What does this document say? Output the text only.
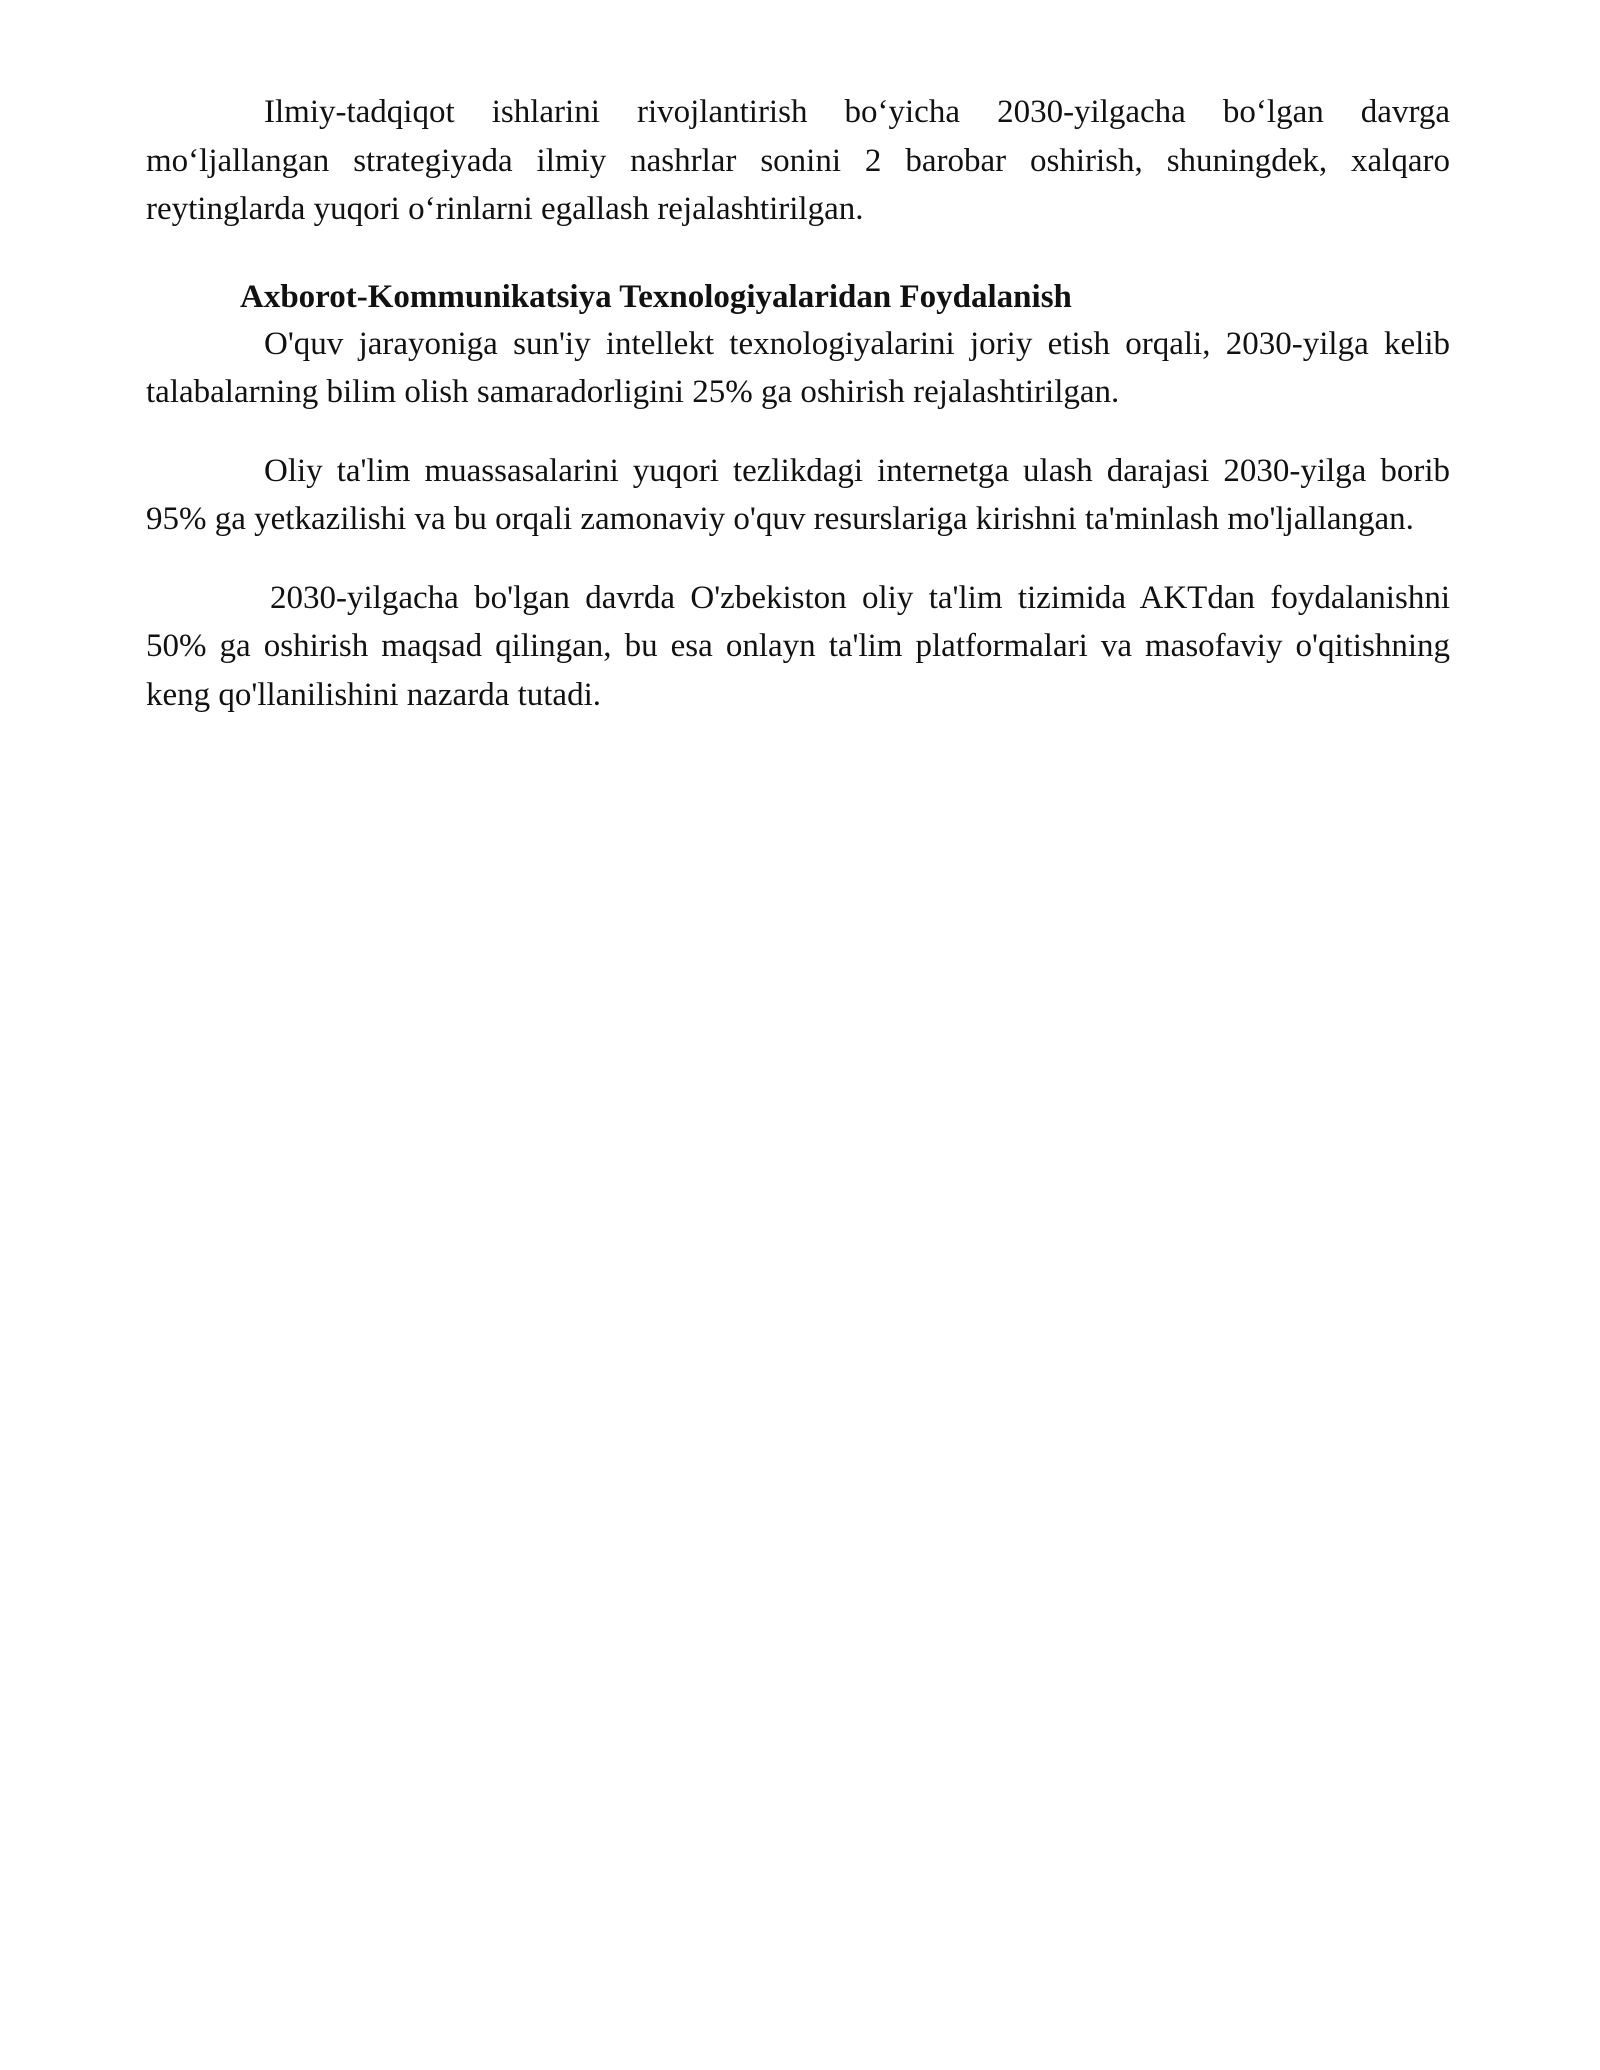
Ilmiy-tadqiqot ishlarini rivojlantirish bo‘yicha 2030-yilgacha bo‘lgan davrga mo‘ljallangan strategiyada ilmiy nashrlar sonini 2 barobar oshirish, shuningdek, xalqaro reytinglarda yuqori o‘rinlarni egallash rejalashtirilgan.

Axborot-Kommunikatsiya Texnologiyalaridan Foydalanish

O'quv jarayoniga sun'iy intellekt texnologiyalarini joriy etish orqali, 2030-yilga kelib talabalarning bilim olish samaradorligini 25% ga oshirish rejalashtirilgan.

Oliy ta'lim muassasalarini yuqori tezlikdagi internetga ulash darajasi 2030-yilga borib 95% ga yetkazilishi va bu orqali zamonaviy o'quv resurslariga kirishni ta'minlash mo'ljallangan.

2030-yilgacha bo'lgan davrda O'zbekiston oliy ta'lim tizimida AKTdan foydalanishni 50% ga oshirish maqsad qilingan, bu esa onlayn ta'lim platformalari va masofaviy o'qitishning keng qo'llanilishini nazarda tutadi.
